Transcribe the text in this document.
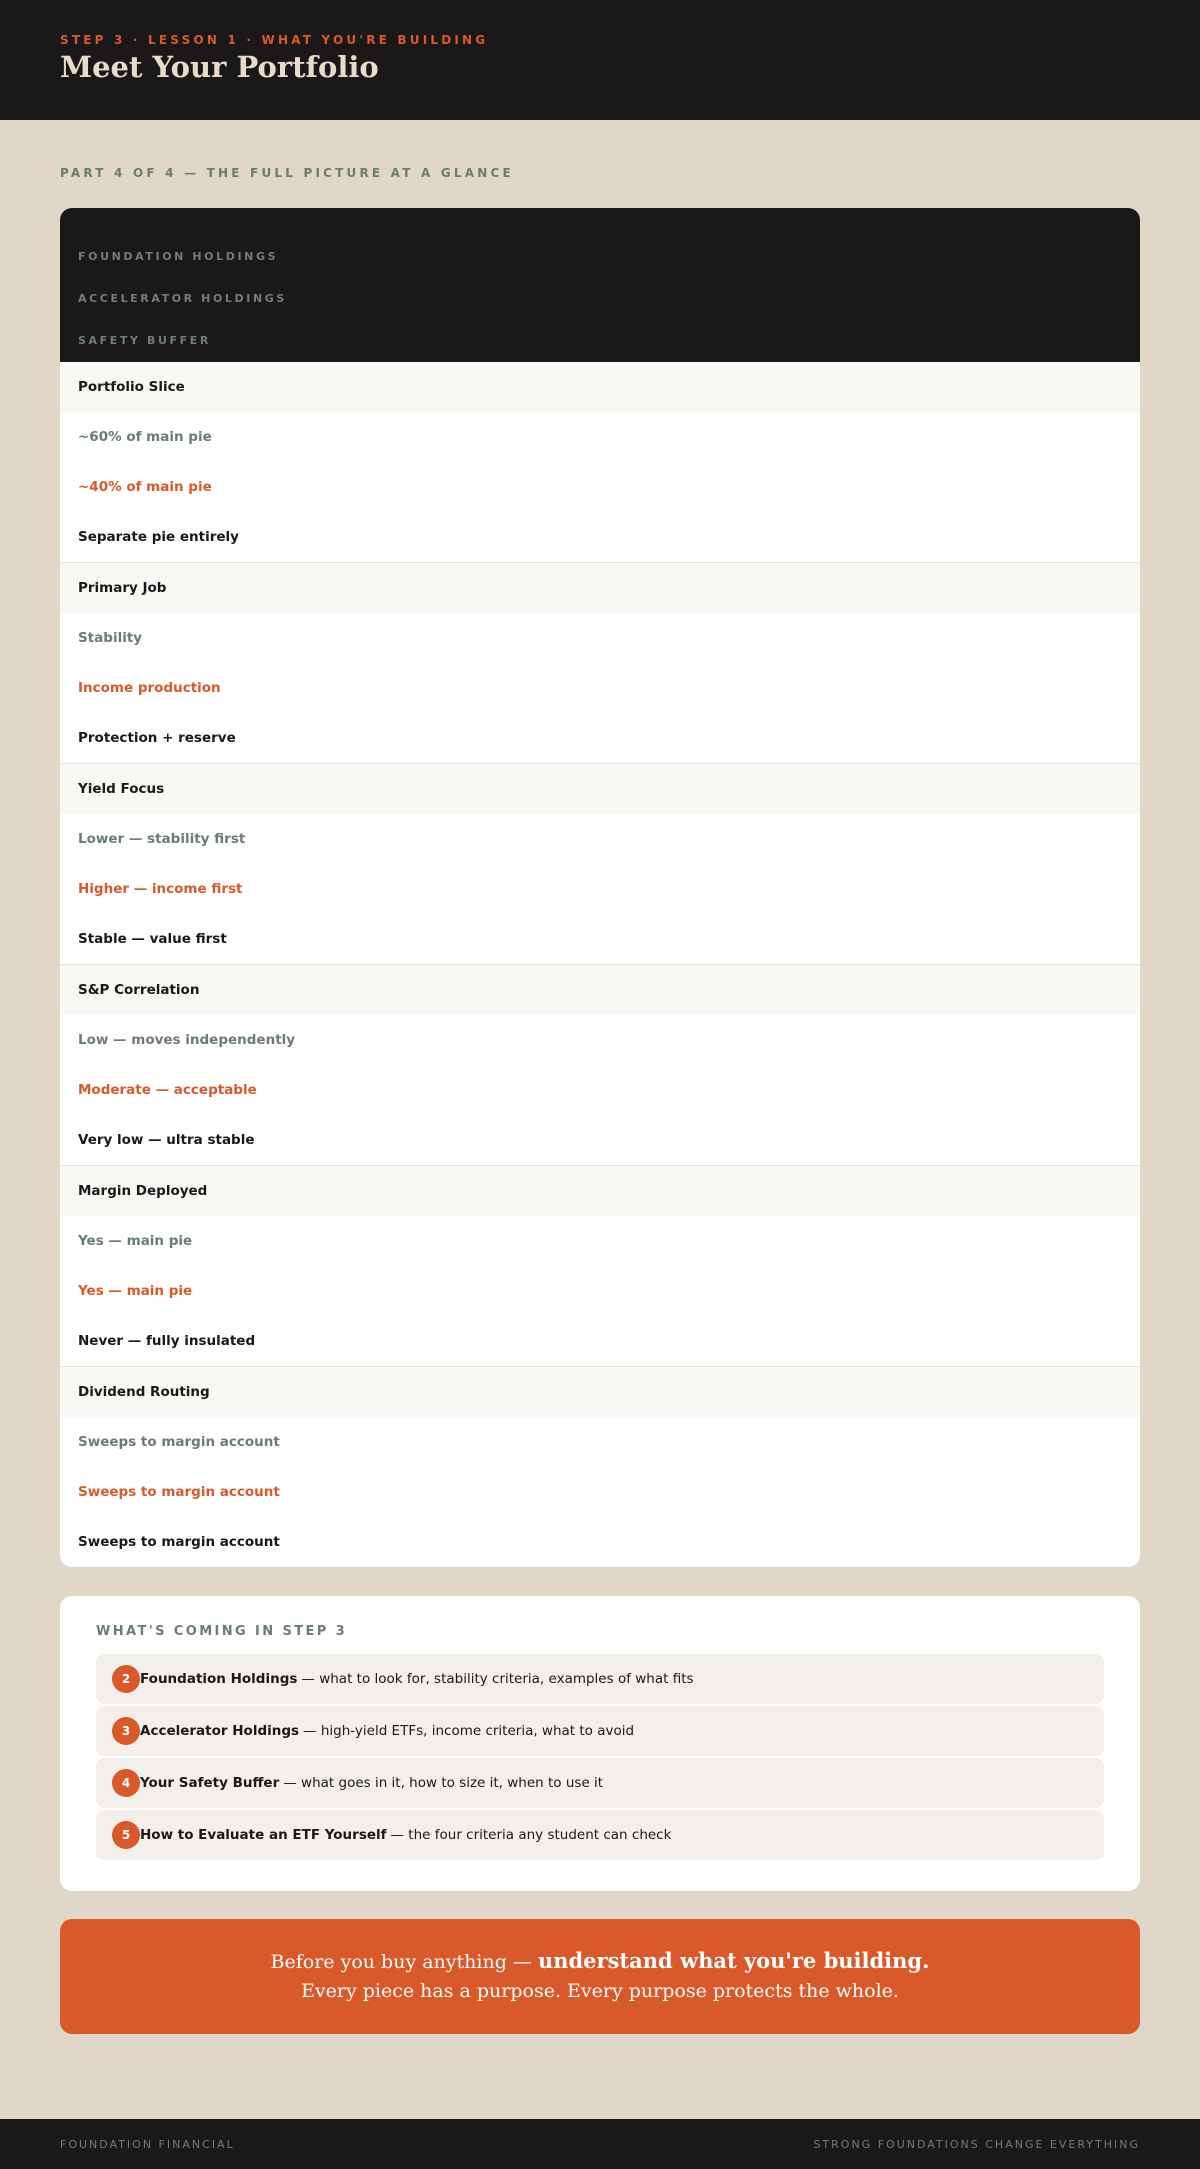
STEP 3 · LESSON 1 · WHAT YOU'RE BUILDING
Meet Your Portfolio
PART 4 OF 4 — THE FULL PICTURE AT A GLANCE
FOUNDATION HOLDINGS
ACCELERATOR HOLDINGS
SAFETY BUFFER
Portfolio Slice
~60% of main pie
~40% of main pie
Separate pie entirely
Primary Job
Stability
Income production
Protection + reserve
Yield Focus
Lower — stability first
Higher — income first
Stable — value first
S&P Correlation
Low — moves independently
Moderate — acceptable
Very low — ultra stable
Margin Deployed
Yes — main pie
Yes — main pie
Never — fully insulated
Dividend Routing
Sweeps to margin account
Sweeps to margin account
Sweeps to margin account
WHAT'S COMING IN STEP 3
2 Foundation Holdings — what to look for, stability criteria, examples of what fits
3 Accelerator Holdings — high-yield ETFs, income criteria, what to avoid
4 Your Safety Buffer — what goes in it, how to size it, when to use it
5 How to Evaluate an ETF Yourself — the four criteria any student can check
Before you buy anything — understand what you're building.
Every piece has a purpose. Every purpose protects the whole.
FOUNDATION FINANCIAL	STRONG FOUNDATIONS CHANGE EVERYTHING
